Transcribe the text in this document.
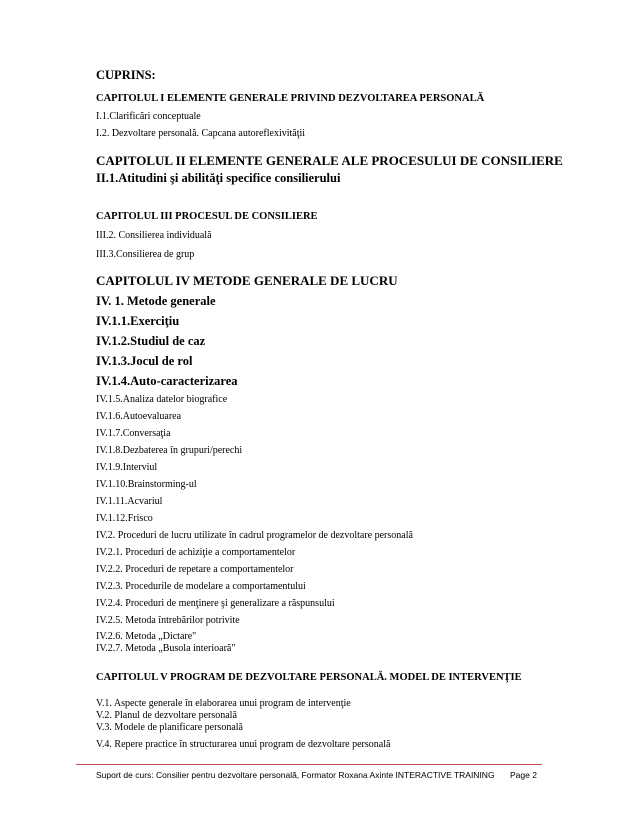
CUPRINS:
CAPITOLUL I ELEMENTE GENERALE PRIVIND DEZVOLTAREA PERSONALĂ
I.1.Clarificări conceptuale
I.2. Dezvoltare personală. Capcana autoreflexivităţii
CAPITOLUL II ELEMENTE GENERALE ALE PROCESULUI DE CONSILIERE
II.1.Atitudini şi abilităţi specifice consilierului
CAPITOLUL III PROCESUL DE CONSILIERE
III.2. Consilierea individuală
III.3.Consilierea de grup
CAPITOLUL IV METODE GENERALE DE LUCRU
IV. 1. Metode generale
IV.1.1.Exerciţiu
IV.1.2.Studiul de caz
IV.1.3.Jocul de rol
IV.1.4.Auto-caracterizarea
IV.1.5.Analiza datelor biografice
IV.1.6.Autoevaluarea
IV.1.7.Conversaţia
IV.1.8.Dezbaterea în grupuri/perechi
IV.1.9.Interviul
IV.1.10.Brainstorming-ul
IV.1.11.Acvariul
IV.1.12.Frisco
IV.2. Proceduri de lucru utilizate în cadrul programelor de dezvoltare personală
IV.2.1. Proceduri de achiziţie a comportamentelor
IV.2.2. Proceduri de repetare a comportamentelor
IV.2.3. Procedurile de modelare a comportamentului
IV.2.4. Proceduri de menţinere şi generalizare a răspunsului
IV.2.5. Metoda întrebărilor potrivite
IV.2.6. Metoda „Dictare"
IV.2.7. Metoda „Busola interioară"
CAPITOLUL V PROGRAM DE DEZVOLTARE PERSONALĂ. MODEL DE INTERVENŢIE
V.1. Aspecte generale în elaborarea unui program de intervenţie
V.2. Planul de dezvoltare personală
V.3. Modele de planificare personală
V.4. Repere practice în structurarea unui program de dezvoltare personală
Suport de curs: Consilier pentru dezvoltare personală, Formator Roxana Axinte INTERACTIVE TRAINING Page 2
